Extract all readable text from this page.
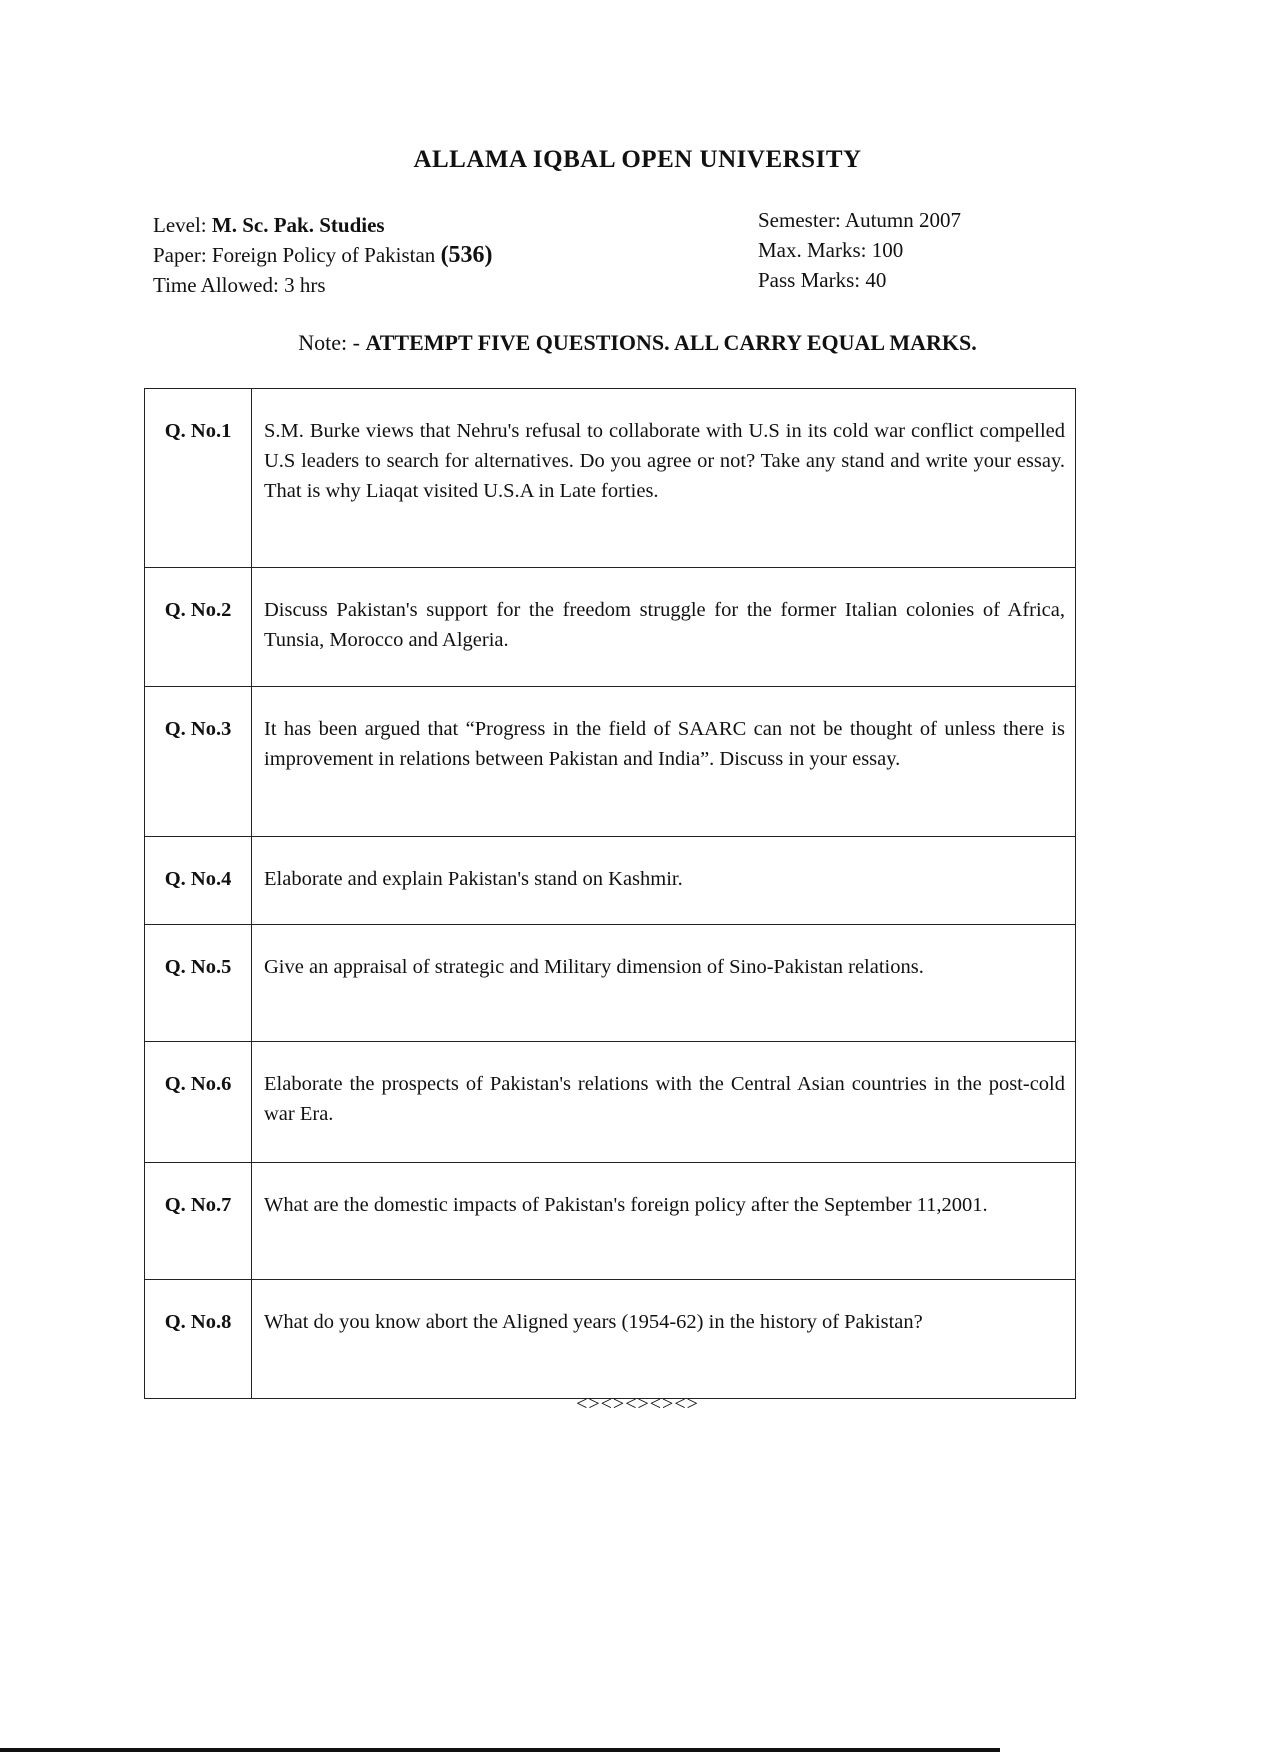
ALLAMA IQBAL OPEN UNIVERSITY
Level: M. Sc. Pak. Studies
Paper: Foreign Policy of Pakistan (536)
Time Allowed: 3 hrs
Semester: Autumn 2007
Max. Marks: 100
Pass Marks: 40
Note: - ATTEMPT FIVE QUESTIONS. ALL CARRY EQUAL MARKS.
Q. No.1	S.M. Burke views that Nehru's refusal to collaborate with U.S in its cold war conflict compelled U.S leaders to search for alternatives. Do you agree or not? Take any stand and write your essay. That is why Liaqat visited U.S.A in Late forties.
Q. No.2	Discuss Pakistan's support for the freedom struggle for the former Italian colonies of Africa, Tunsia, Morocco and Algeria.
Q. No.3	It has been argued that “Progress in the field of SAARC can not be thought of unless there is improvement in relations between Pakistan and India”. Discuss in your essay.
Q. No.4	Elaborate and explain Pakistan's stand on Kashmir.
Q. No.5	Give an appraisal of strategic and Military dimension of Sino-Pakistan relations.
Q. No.6	Elaborate the prospects of Pakistan's relations with the Central Asian countries in the post-cold war Era.
Q. No.7	What are the domestic impacts of Pakistan's foreign policy after the September 11,2001.
Q. No.8	What do you know abort the Aligned years (1954-62) in the history of Pakistan?
<><><><><>
